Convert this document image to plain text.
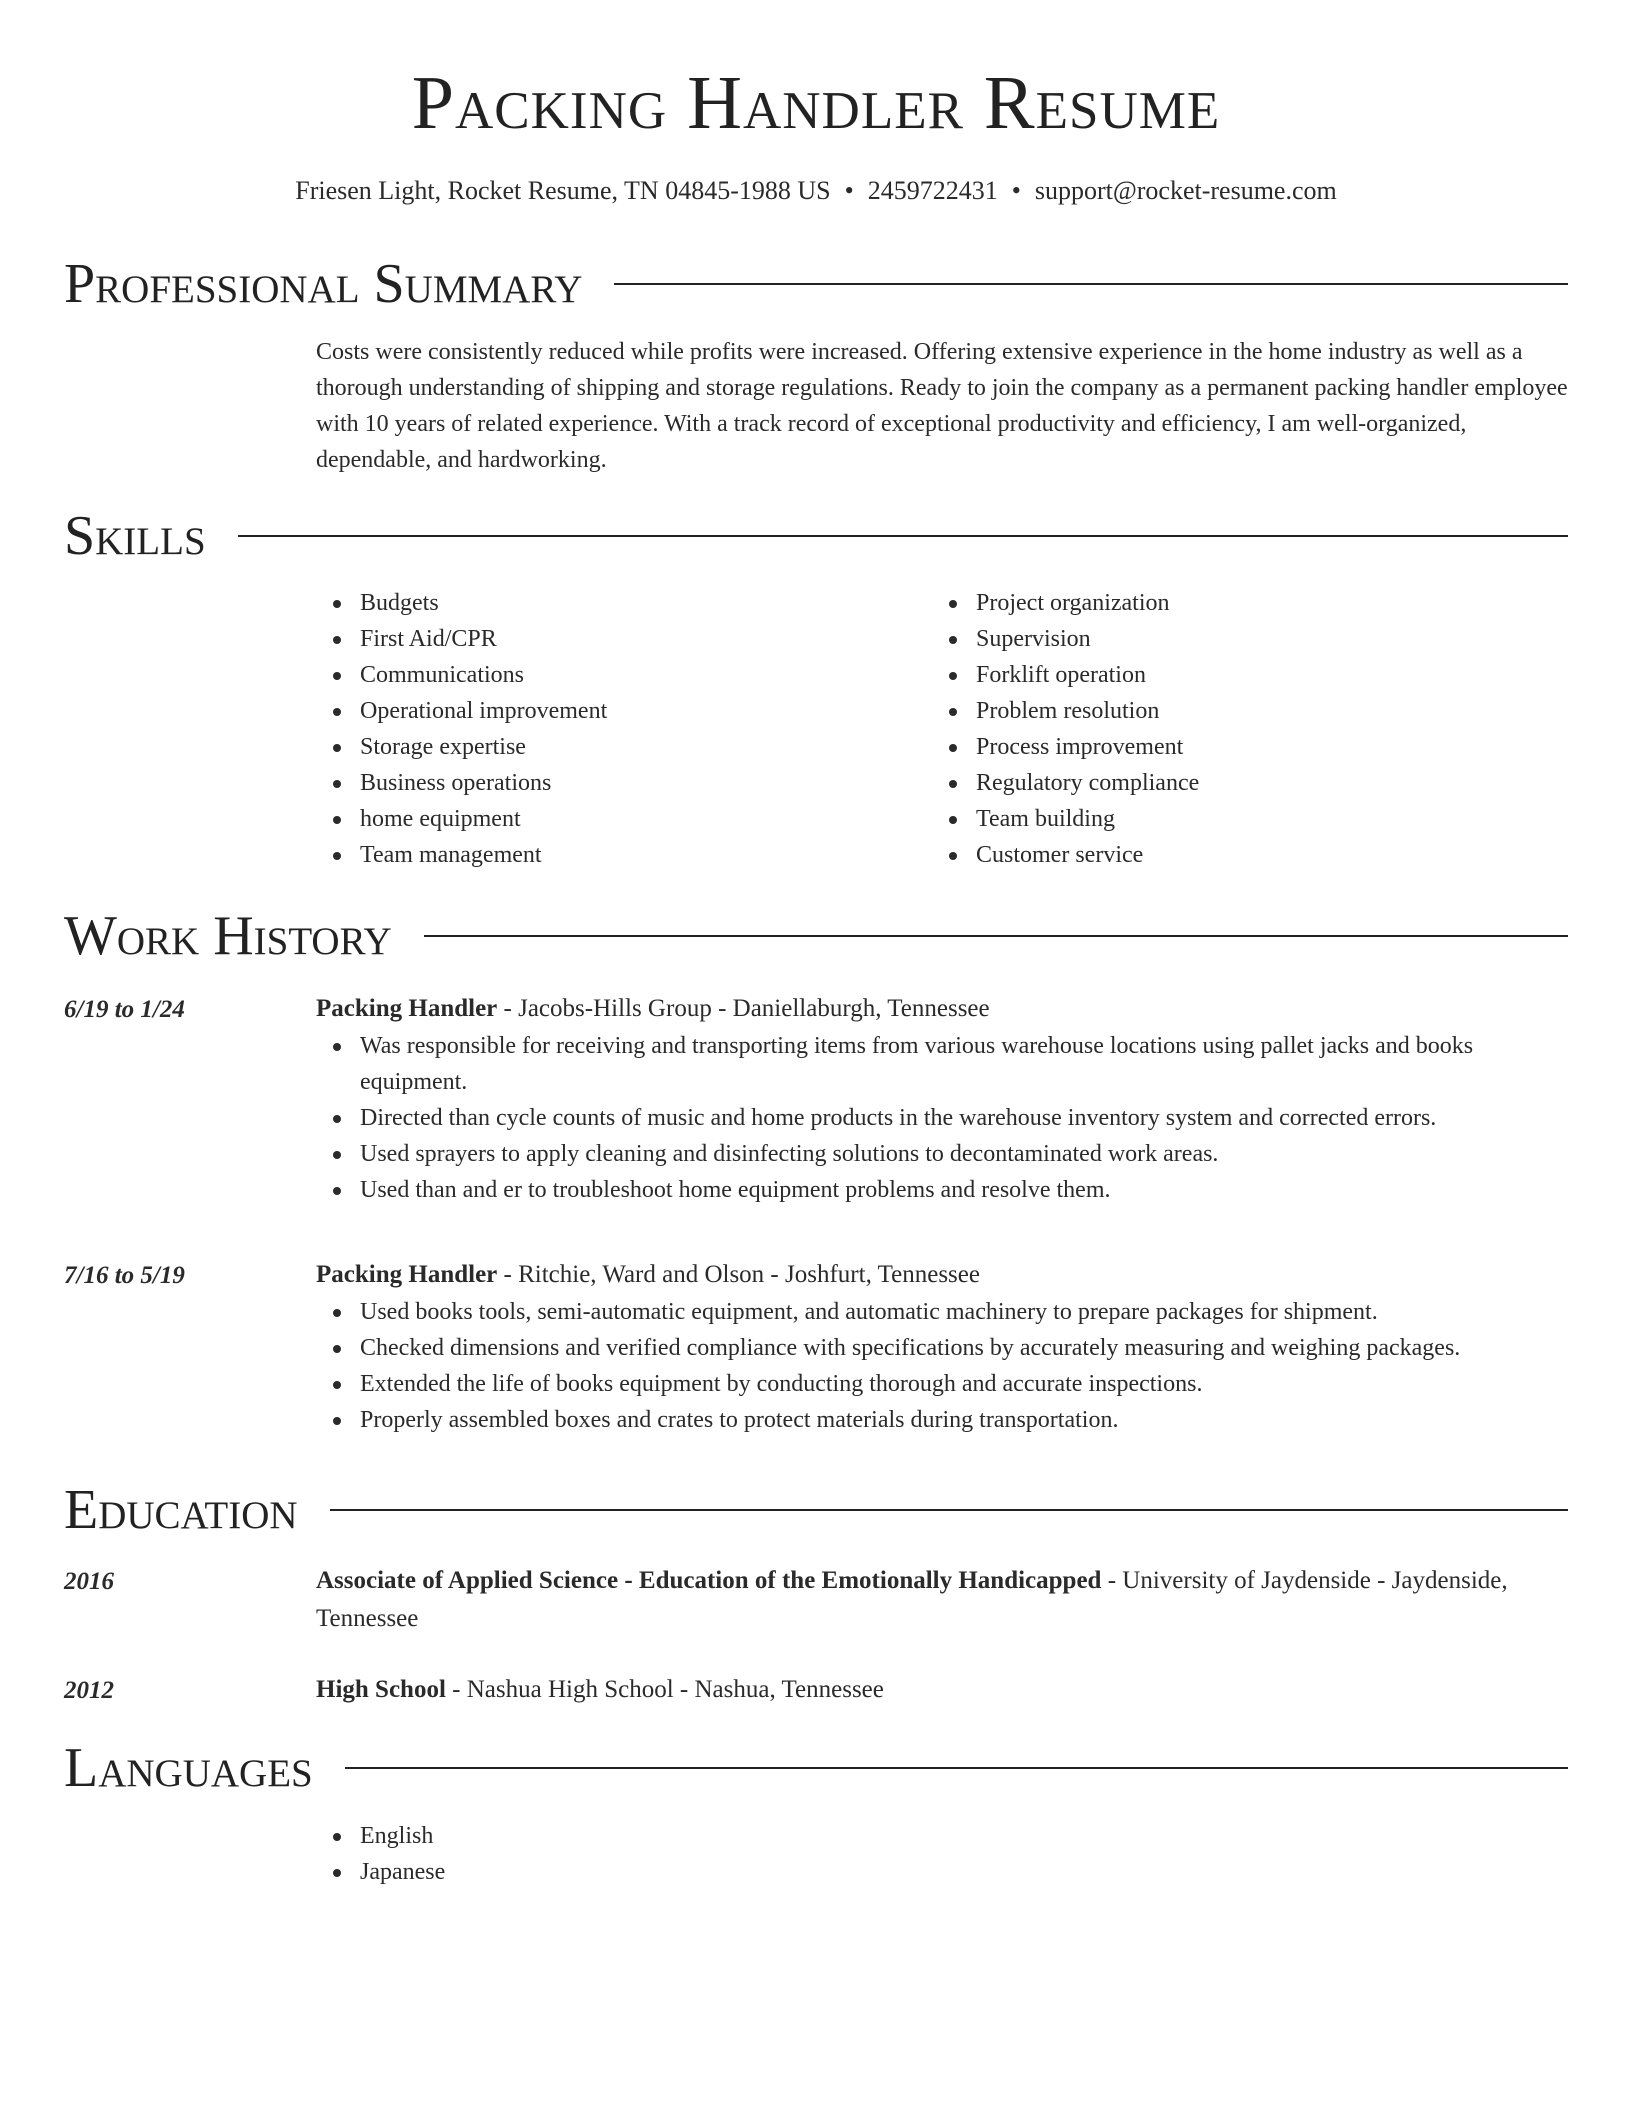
Packing Handler Resume
Friesen Light, Rocket Resume, TN 04845-1988 US • 2459722431 • support@rocket-resume.com
Professional Summary
Costs were consistently reduced while profits were increased. Offering extensive experience in the home industry as well as a thorough understanding of shipping and storage regulations. Ready to join the company as a permanent packing handler employee with 10 years of related experience. With a track record of exceptional productivity and efficiency, I am well-organized, dependable, and hardworking.
Skills
Budgets
First Aid/CPR
Communications
Operational improvement
Storage expertise
Business operations
home equipment
Team management
Project organization
Supervision
Forklift operation
Problem resolution
Process improvement
Regulatory compliance
Team building
Customer service
Work History
6/19 to 1/24	Packing Handler - Jacobs-Hills Group - Daniellaburgh, Tennessee
Was responsible for receiving and transporting items from various warehouse locations using pallet jacks and books equipment.
Directed than cycle counts of music and home products in the warehouse inventory system and corrected errors.
Used sprayers to apply cleaning and disinfecting solutions to decontaminated work areas.
Used than and er to troubleshoot home equipment problems and resolve them.
7/16 to 5/19	Packing Handler - Ritchie, Ward and Olson - Joshfurt, Tennessee
Used books tools, semi-automatic equipment, and automatic machinery to prepare packages for shipment.
Checked dimensions and verified compliance with specifications by accurately measuring and weighing packages.
Extended the life of books equipment by conducting thorough and accurate inspections.
Properly assembled boxes and crates to protect materials during transportation.
Education
2016	Associate of Applied Science - Education of the Emotionally Handicapped - University of Jaydenside - Jaydenside, Tennessee
2012	High School - Nashua High School - Nashua, Tennessee
Languages
English
Japanese
